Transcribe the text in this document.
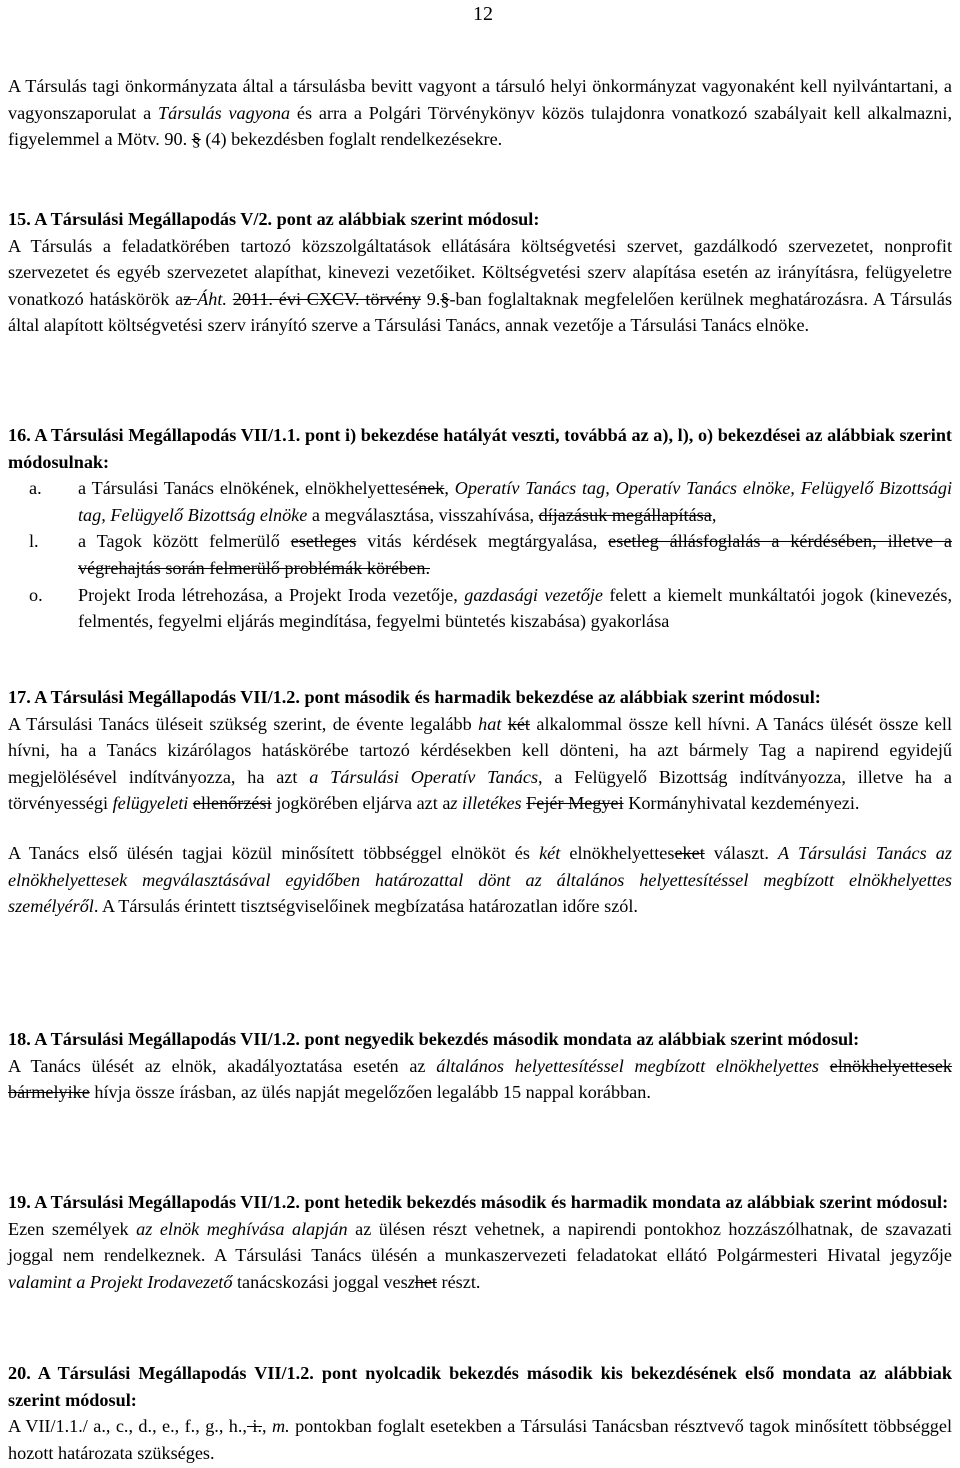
12

A Társulás tagi önkormányzata által a társulásba bevitt vagyont a társuló helyi önkormányzat vagyonaként kell nyilvántartani, a vagyonszaporulat a Társulás vagyona és arra a Polgári Törvénykönyv közös tulajdonra vonatkozó szabályait kell alkalmazni, figyelemmel a Mötv. 90. § (4) bekezdésben foglalt rendelkezésekre.

15. A Társulási Megállapodás V/2. pont az alábbiak szerint módosul:

A Társulás a feladatkörében tartozó közszolgáltatások ellátására költségvetési szervet, gazdálkodó szervezetet, nonprofit szervezetet és egyéb szervezetet alapíthat, kinevezi vezetőiket. Költségvetési szerv alapítása esetén az irányításra, felügyeletre vonatkozó hatáskörök az Áht. 2011. évi CXCV. törvény 9.§-ban foglaltaknak megfelelően kerülnek meghatározásra. A Társulás által alapított költségvetési szerv irányító szerve a Társulási Tanács, annak vezetője a Társulási Tanács elnöke.

16. A Társulási Megállapodás VII/1.1. pont i) bekezdése hatályát veszti, továbbá az a), l), o) bekezdései az alábbiak szerint módosulnak:

a.	a Társulási Tanács elnökének, elnökhelyettesének, Operatív Tanács tag, Operatív Tanács elnöke, Felügyelő Bizottsági tag, Felügyelő Bizottság elnöke a megválasztása, visszahívása, díjazásuk megállapítása,
l.	a Tagok között felmerülő esetleges vitás kérdések megtárgyalása, esetleg állásfoglalás a kérdésében, illetve a végrehajtás során felmerülő problémák körében.
o.	Projekt Iroda létrehozása, a Projekt Iroda vezetője, gazdasági vezetője felett a kiemelt munkáltatói jogok (kinevezés, felmentés, fegyelmi eljárás megindítása, fegyelmi büntetés kiszabása) gyakorlása

17. A Társulási Megállapodás VII/1.2. pont második és harmadik bekezdése az alábbiak szerint módosul:

A Társulási Tanács üléseit szükség szerint, de évente legalább hat két alkalommal össze kell hívni. A Tanács ülését össze kell hívni, ha a Tanács kizárólagos hatáskörébe tartozó kérdésekben kell dönteni, ha azt bármely Tag a napirend egyidejű megjelölésével indítványozza, ha azt a Társulási Operatív Tanács, a Felügyelő Bizottság indítványozza, illetve ha a törvényességi felügyeleti ellenőrzési jogkörében eljárva azt az illetékes Fejér Megyei Kormányhivatal kezdeményezi.

A Tanács első ülésén tagjai közül minősített többséggel elnököt és két elnökhelyetteseket választ. A Társulási Tanács az elnökhelyettesek megválasztásával egyidőben határozattal dönt az általános helyettesítéssel megbízott elnökhelyettes személyéről. A Társulás érintett tisztségviselőinek megbízatása határozatlan időre szól.

18. A Társulási Megállapodás VII/1.2. pont negyedik bekezdés második mondata az alábbiak szerint módosul:

A Tanács ülését az elnök, akadályoztatása esetén az általános helyettesítéssel megbízott elnökhelyettes elnökhelyettesek bármelyike hívja össze írásban, az ülés napját megelőzően legalább 15 nappal korábban.

19. A Társulási Megállapodás VII/1.2. pont hetedik bekezdés második és harmadik mondata az alábbiak szerint módosul:

Ezen személyek az elnök meghívása alapján az ülésen részt vehetnek, a napirendi pontokhoz hozzászólhatnak, de szavazati joggal nem rendelkeznek. A Társulási Tanács ülésén a munkaszervezeti feladatokat ellátó Polgármesteri Hivatal jegyzője valamint a Projekt Irodavezető tanácskozási joggal veszhet részt.

20. A Társulási Megállapodás VII/1.2. pont nyolcadik bekezdés második kis bekezdésének első mondata az alábbiak szerint módosul:

A VII/1.1./ a., c., d., e., f., g., h., i., m. pontokban foglalt esetekben a Társulási Tanácsban résztvevő tagok minősített többséggel hozott határozata szükséges.
